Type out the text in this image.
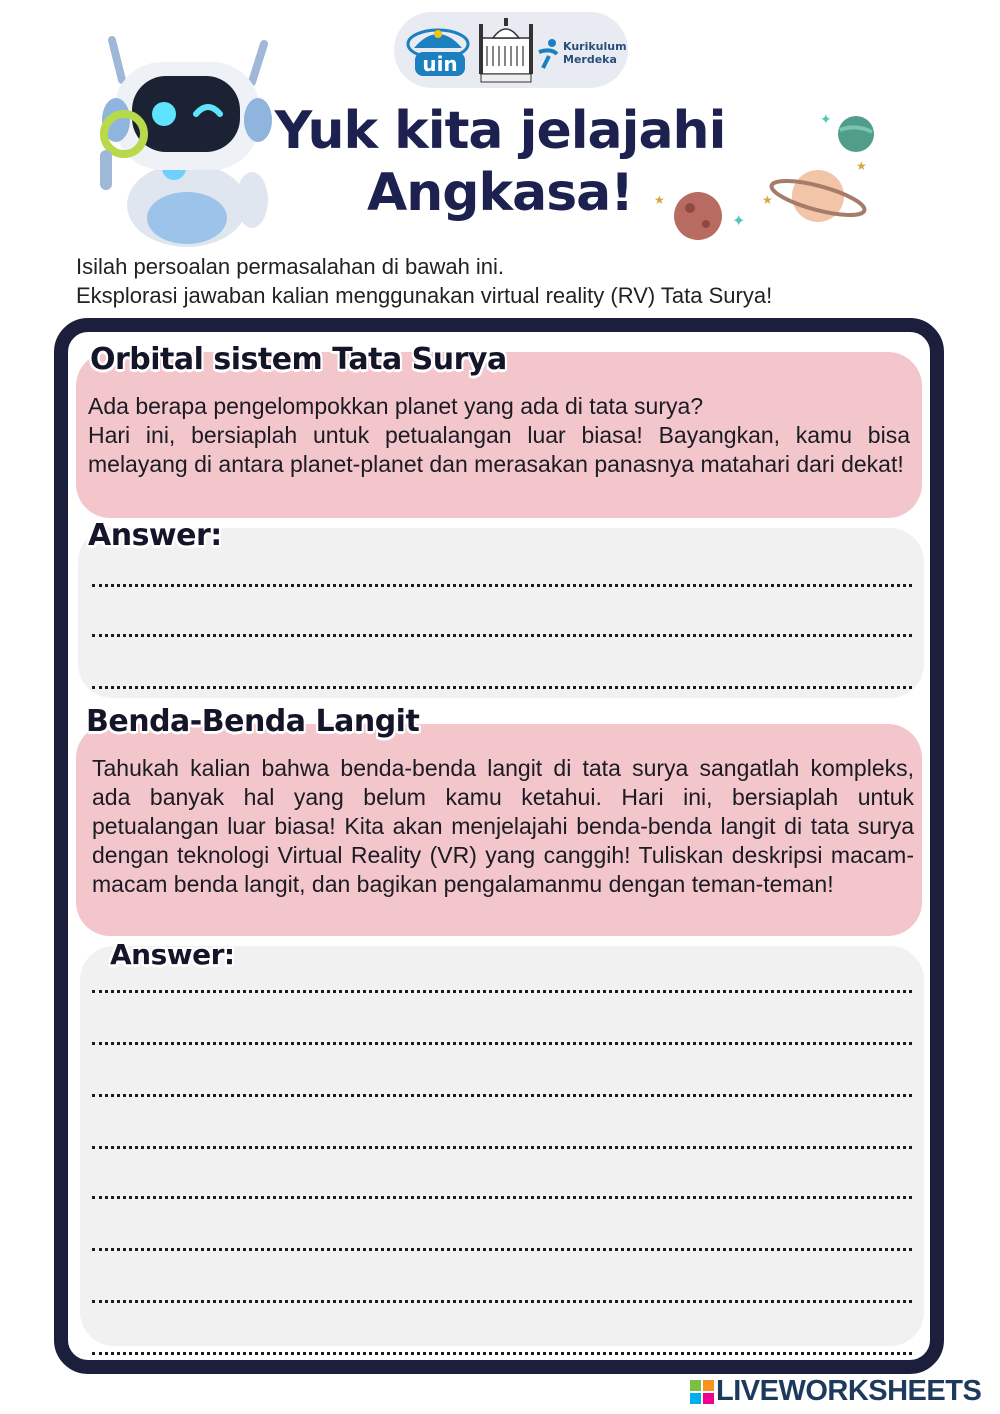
uin
Kurikulum
Merdeka
Yuk kita jelajahi
Angkasa!
✦
★
★
✦
★
Isilah persoalan permasalahan di bawah ini.
Eksplorasi jawaban kalian menggunakan virtual reality (RV) Tata Surya!
Orbital sistem Tata Surya
Ada berapa pengelompokkan planet yang ada di tata surya?
Hari ini, bersiaplah untuk petualangan luar biasa! Bayangkan, kamu bisa melayang di antara planet-planet dan merasakan panasnya matahari dari dekat!
Answer:
Benda-Benda Langit
Tahukah kalian bahwa benda-benda langit di tata surya sangatlah kompleks, ada banyak hal yang belum kamu ketahui. Hari ini, bersiaplah untuk petualangan luar biasa! Kita akan menjelajahi benda-benda langit di tata surya dengan teknologi Virtual Reality (VR) yang canggih! Tuliskan deskripsi macam-macam benda langit, dan bagikan pengalamanmu dengan teman-teman!
Answer:
LIVEWORKSHEETS
